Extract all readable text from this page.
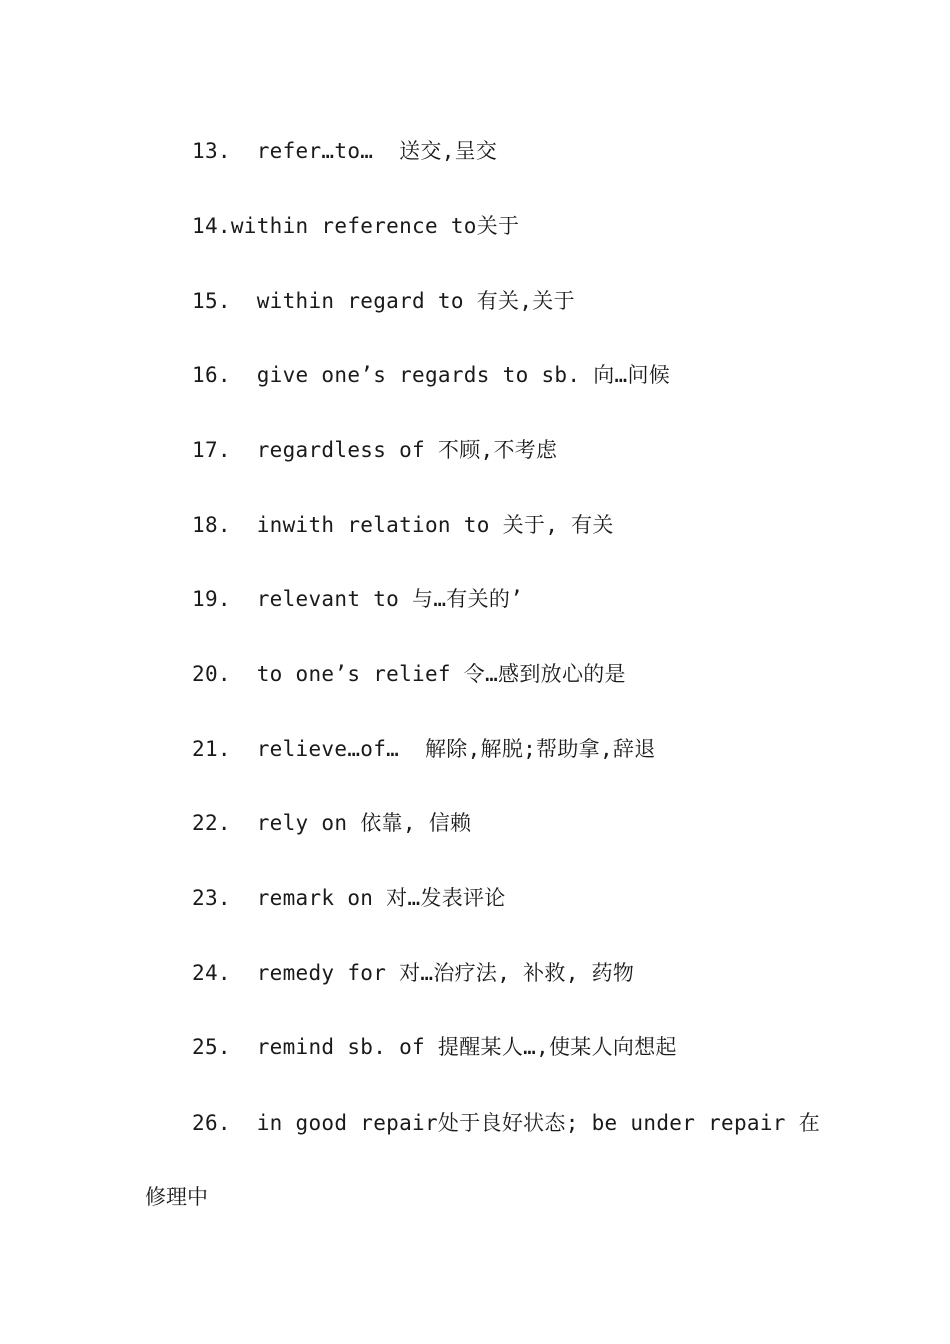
13.  refer…to…  送交,呈交

14.within reference to关于

15.  within regard to 有关,关于

16.  give one’s regards to sb. 向…问候

17.  regardless of 不顾,不考虑

18.  inwith relation to 关于, 有关

19.  relevant to 与…有关的’

20.  to one’s relief 令…感到放心的是

21.  relieve…of…  解除,解脱;帮助拿,辞退

22.  rely on 依靠, 信赖

23.  remark on 对…发表评论

24.  remedy for 对…治疗法, 补救, 药物

25.  remind sb. of 提醒某人…,使某人向想起

26.  in good repair处于良好状态; be under repair 在

修理中
